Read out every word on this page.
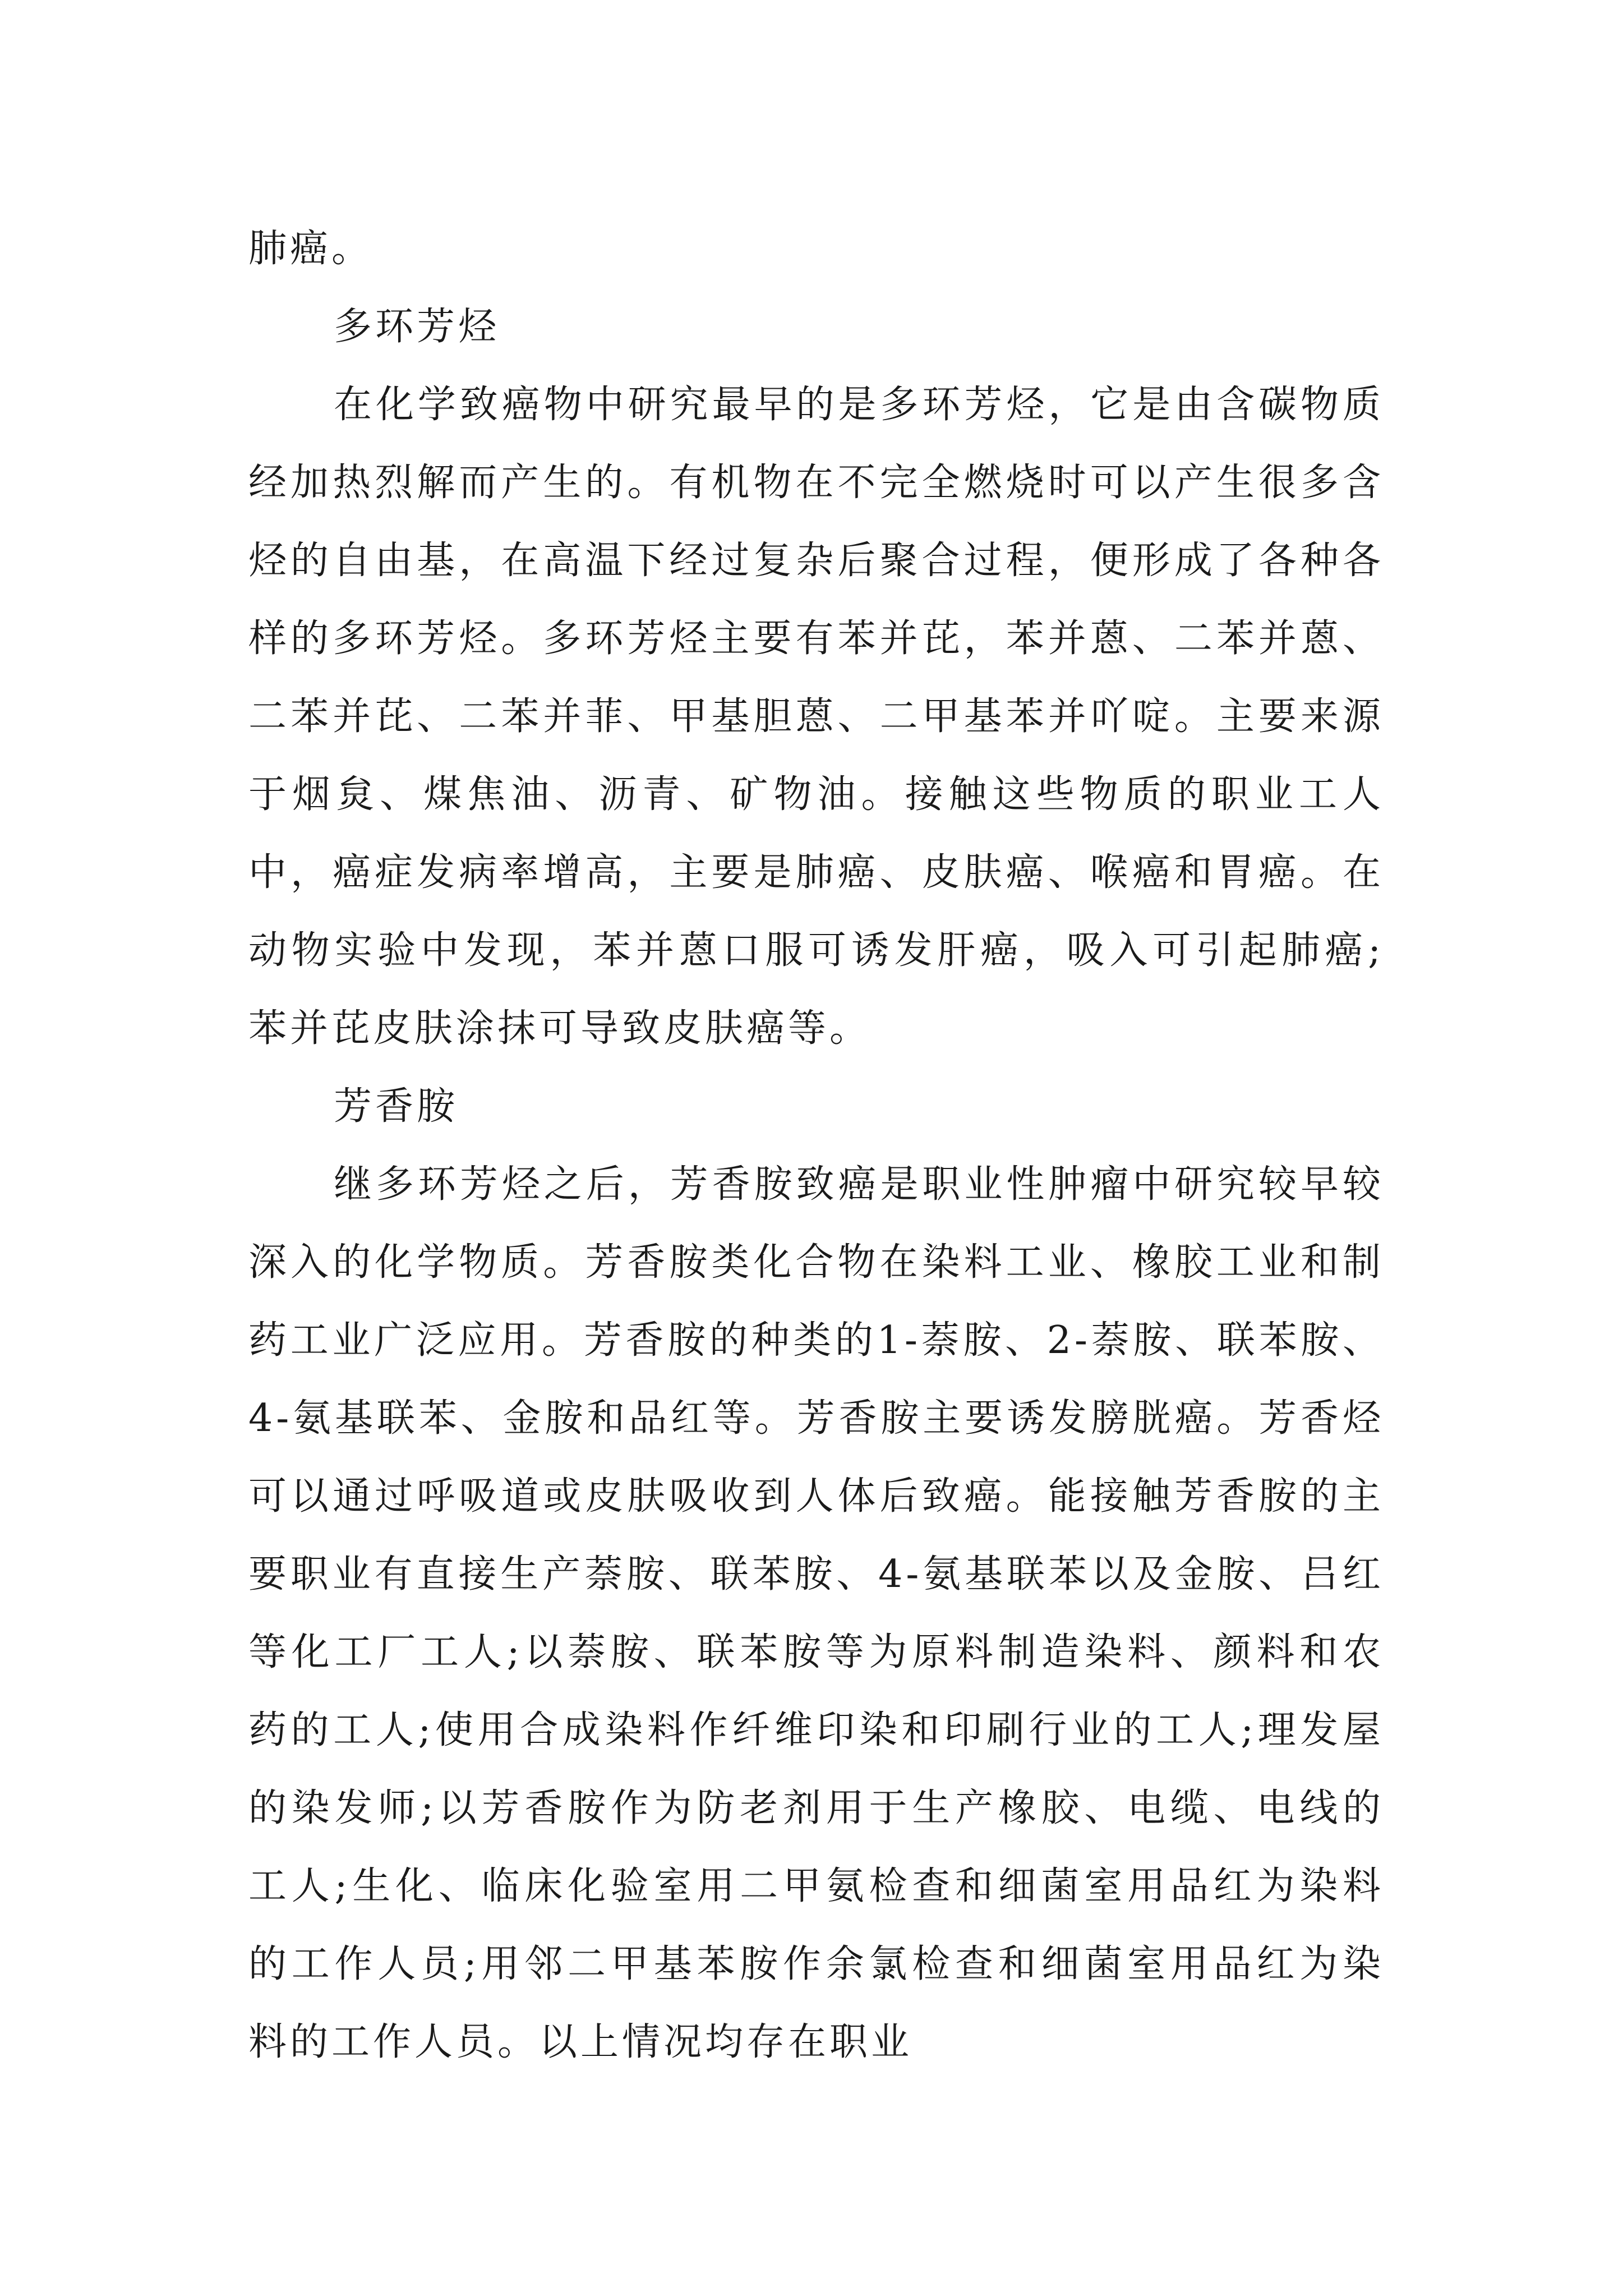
肺癌。

多环芳烃

在化学致癌物中研究最早的是多环芳烃，它是由含碳物质经加热烈解而产生的。有机物在不完全燃烧时可以产生很多含烃的自由基，在高温下经过复杂后聚合过程，便形成了各种各样的多环芳烃。多环芳烃主要有苯并芘，苯并蒽、二苯并蒽、二苯并芘、二苯并菲、甲基胆蒽、二甲基苯并吖啶。主要来源于烟炱、煤焦油、沥青、矿物油。接触这些物质的职业工人中，癌症发病率增高，主要是肺癌、皮肤癌、喉癌和胃癌。在动物实验中发现，苯并蒽口服可诱发肝癌，吸入可引起肺癌;苯并芘皮肤涂抹可导致皮肤癌等。

芳香胺

继多环芳烃之后，芳香胺致癌是职业性肿瘤中研究较早较深入的化学物质。芳香胺类化合物在染料工业、橡胶工业和制药工业广泛应用。芳香胺的种类的1-萘胺、2-萘胺、联苯胺、4-氨基联苯、金胺和品红等。芳香胺主要诱发膀胱癌。芳香烃可以通过呼吸道或皮肤吸收到人体后致癌。能接触芳香胺的主要职业有直接生产萘胺、联苯胺、4-氨基联苯以及金胺、吕红等化工厂工人;以萘胺、联苯胺等为原料制造染料、颜料和农药的工人;使用合成染料作纤维印染和印刷行业的工人;理发屋的染发师;以芳香胺作为防老剂用于生产橡胶、电缆、电线的工人;生化、临床化验室用二甲氨检查和细菌室用品红为染料的工作人员;用邻二甲基苯胺作余氯检查和细菌室用品红为染料的工作人员。以上情况均存在职业
